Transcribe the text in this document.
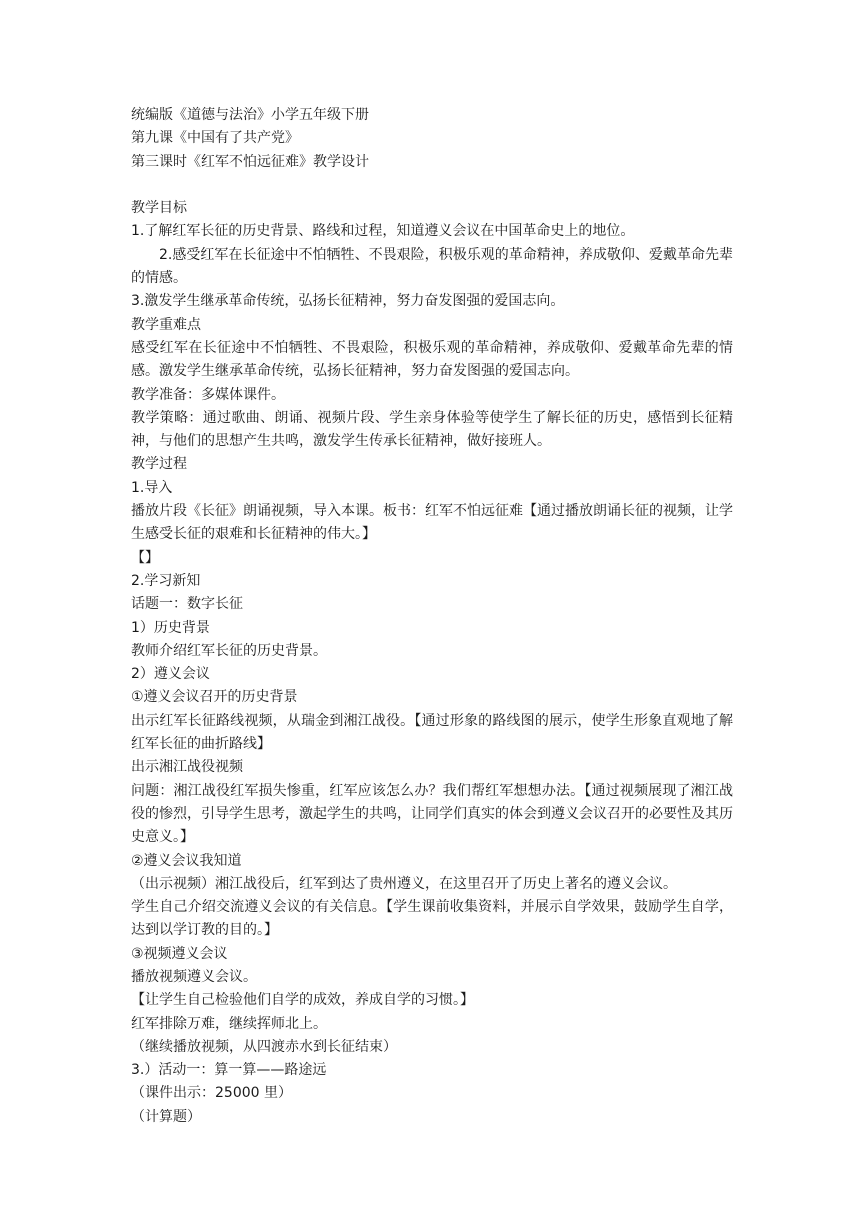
统编版《道德与法治》小学五年级下册
第九课《中国有了共产党》
第三课时《红军不怕远征难》教学设计
教学目标
1.了解红军长征的历史背景、路线和过程，知道遵义会议在中国革命史上的地位。
2.感受红军在长征途中不怕牺牲、不畏艰险，积极乐观的革命精神，养成敬仰、爱戴革命先辈的情感。
3.激发学生继承革命传统，弘扬长征精神，努力奋发图强的爱国志向。
教学重难点
感受红军在长征途中不怕牺牲、不畏艰险，积极乐观的革命精神，养成敬仰、爱戴革命先辈的情感。激发学生继承革命传统，弘扬长征精神，努力奋发图强的爱国志向。
教学准备：多媒体课件。
教学策略：通过歌曲、朗诵、视频片段、学生亲身体验等使学生了解长征的历史，感悟到长征精神，与他们的思想产生共鸣，激发学生传承长征精神，做好接班人。
教学过程
1.导入
播放片段《长征》朗诵视频，导入本课。板书：红军不怕远征难【通过播放朗诵长征的视频，让学生感受长征的艰难和长征精神的伟大。】
【】
2.学习新知
话题一：数字长征
1）历史背景
教师介绍红军长征的历史背景。
2）遵义会议
①遵义会议召开的历史背景
出示红军长征路线视频，从瑞金到湘江战役。【通过形象的路线图的展示，使学生形象直观地了解红军长征的曲折路线】
出示湘江战役视频
问题：湘江战役红军损失惨重，红军应该怎么办？我们帮红军想想办法。【通过视频展现了湘江战役的惨烈，引导学生思考，激起学生的共鸣，让同学们真实的体会到遵义会议召开的必要性及其历史意义。】
②遵义会议我知道
（出示视频）湘江战役后，红军到达了贵州遵义，在这里召开了历史上著名的遵义会议。
学生自己介绍交流遵义会议的有关信息。【学生课前收集资料，并展示自学效果，鼓励学生自学，达到以学订教的目的。】
③视频遵义会议
播放视频遵义会议。
【让学生自己检验他们自学的成效，养成自学的习惯。】
红军排除万难，继续挥师北上。
（继续播放视频，从四渡赤水到长征结束）
3.）活动一：算一算——路途远
（课件出示：25000 里）
（计算题）
